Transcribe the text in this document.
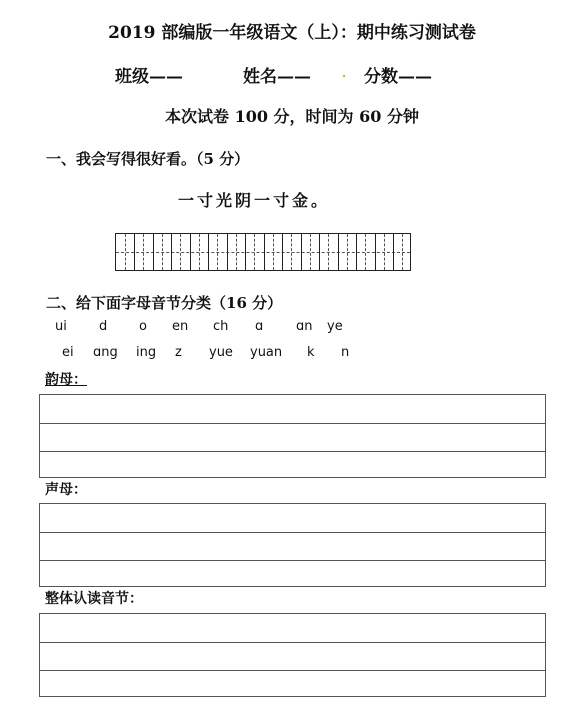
2019 部编版一年级语文（上）：期中练习测试卷
班级——	姓名——	. 分数——
本次试卷 100 分，时间为 60 分钟
一、我会写得很好看。（5 分）
一寸光阴一寸金。
二、给下面字母音节分类（16 分）
ui d o en ch ɑ	ɑn ye
ei ɑng ing z yue yuan k n
韵母：
声母：
整体认读音节：
